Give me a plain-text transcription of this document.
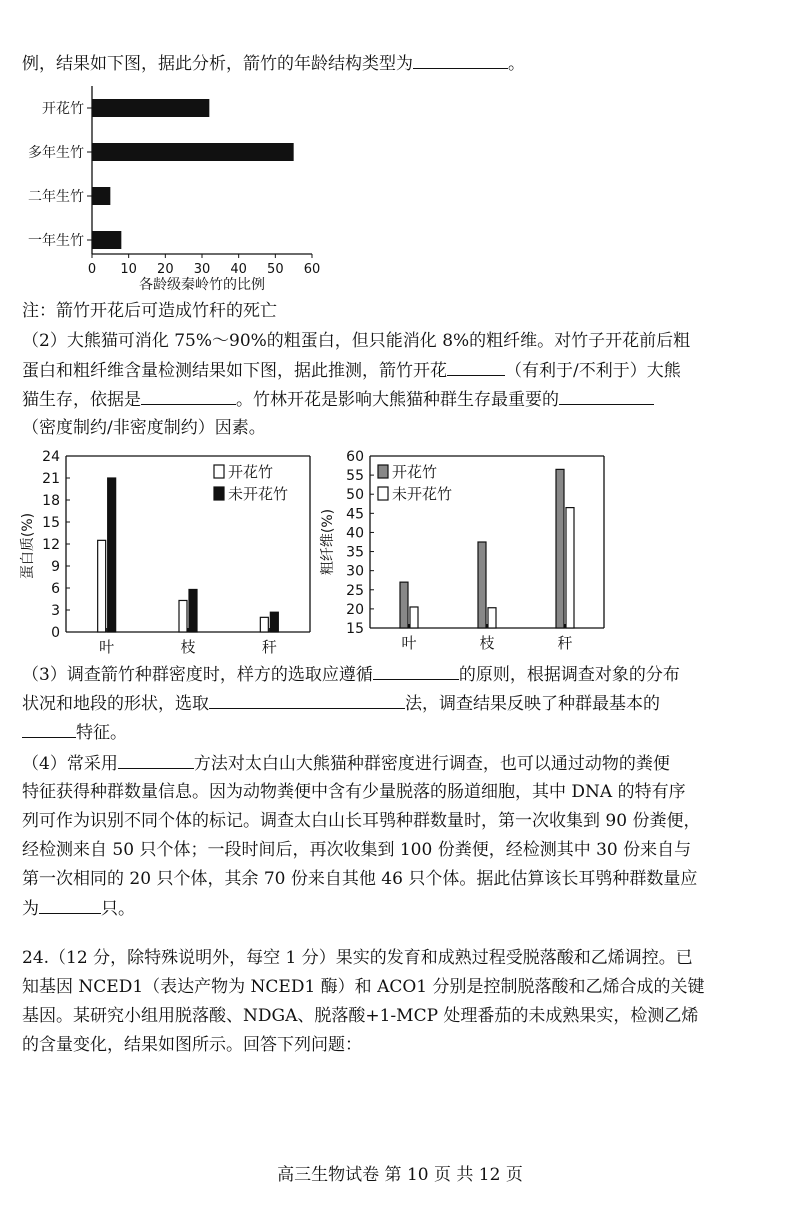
例，结果如下图，据此分析，箭竹的年龄结构类型为	。
开花竹
多年生竹
二年生竹
一年生竹
0 10 20 30 40 50 60
各龄级秦岭竹的比例
注：箭竹开花后可造成竹秆的死亡
（2）大熊猫可消化 75%～90%的粗蛋白，但只能消化 8%的粗纤维。对竹子开花前后粗
蛋白和粗纤维含量检测结果如下图，据此推测，箭竹开花	（有利于/不利于）大熊
猫生存，依据是	。竹林开花是影响大熊猫种群生存最重要的
（密度制约/非密度制约）因素。
0
3
6
9
12
15
18
21
24
叶	枝	秆
开花竹
未开花竹
蛋白质(%)
15
20
25
30
35
40
45
50
55
60
叶	枝	秆
开花竹
未开花竹
粗纤维(%)
（3）调查箭竹种群密度时，样方的选取应遵循	的原则，根据调查对象的分布
状况和地段的形状，选取	法，调查结果反映了种群最基本的
特征。
（4）常采用	方法对太白山大熊猫种群密度进行调查，也可以通过动物的粪便
特征获得种群数量信息。因为动物粪便中含有少量脱落的肠道细胞，其中 DNA 的特有序
列可作为识别不同个体的标记。调查太白山长耳鸮种群数量时，第一次收集到 90 份粪便，
经检测来自 50 只个体；一段时间后，再次收集到 100 份粪便，经检测其中 30 份来自与
第一次相同的 20 只个体，其余 70 份来自其他 46 只个体。据此估算该长耳鸮种群数量应
为	只。
24.（12 分，除特殊说明外，每空 1 分）果实的发育和成熟过程受脱落酸和乙烯调控。已
知基因 NCED1（表达产物为 NCED1 酶）和 ACO1 分别是控制脱落酸和乙烯合成的关键
基因。某研究小组用脱落酸、NDGA、脱落酸+1-MCP 处理番茄的未成熟果实，检测乙烯
的含量变化，结果如图所示。回答下列问题：
高三生物试卷 第 10 页 共 12 页
